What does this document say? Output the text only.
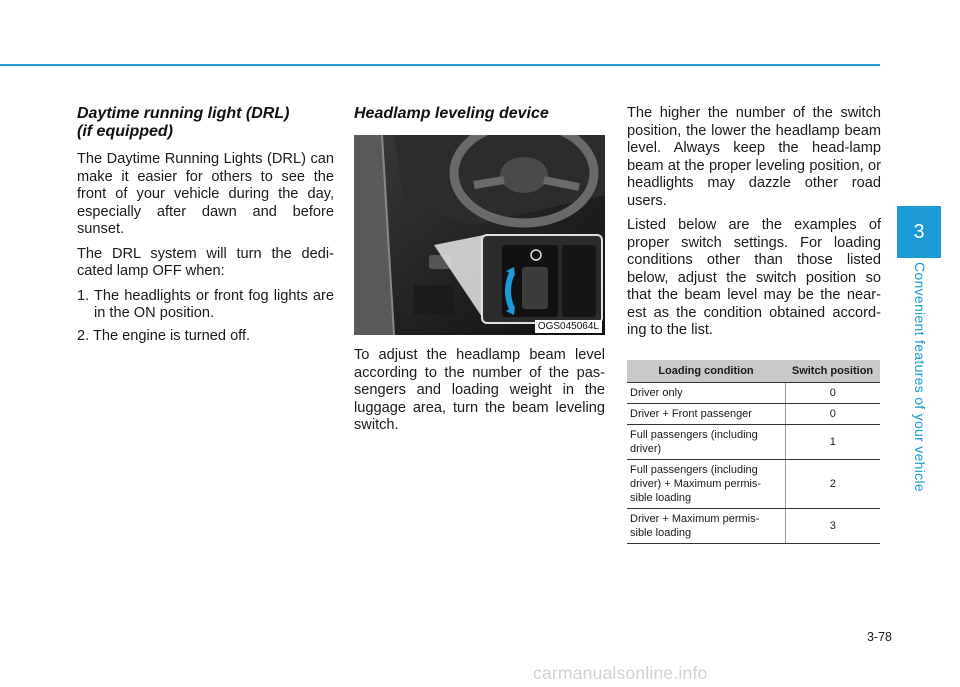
Daytime running light (DRL)
(if equipped)

The Daytime Running Lights (DRL) can make it easier for others to see the front of your vehicle during the day, especially after dawn and before sunset.

The DRL system will turn the dedi-cated lamp OFF when:

1. The headlights or front fog lights are in the ON position.
2. The engine is turned off.
Headlamp leveling device
OGS045064L

To adjust the headlamp beam level according to the number of the pas-sengers and loading weight in the luggage area, turn the beam leveling switch.

The higher the number of the switch position, the lower the headlamp beam level. Always keep the head-lamp beam at the proper leveling position, or headlights may dazzle other road users.

Listed below are the examples of proper switch settings. For loading conditions other than those listed below, adjust the switch position so that the beam level may be the near-est as the condition obtained accord-ing to the list.

Loading condition	Switch position
Driver only	0
Driver + Front passenger	0
Full passengers (including driver)	1
Full passengers (including driver) + Maximum permis-sible loading	2
Driver + Maximum permis-sible loading	3
3
Convenient features of your vehicle
3-78
carmanualsonline.info
